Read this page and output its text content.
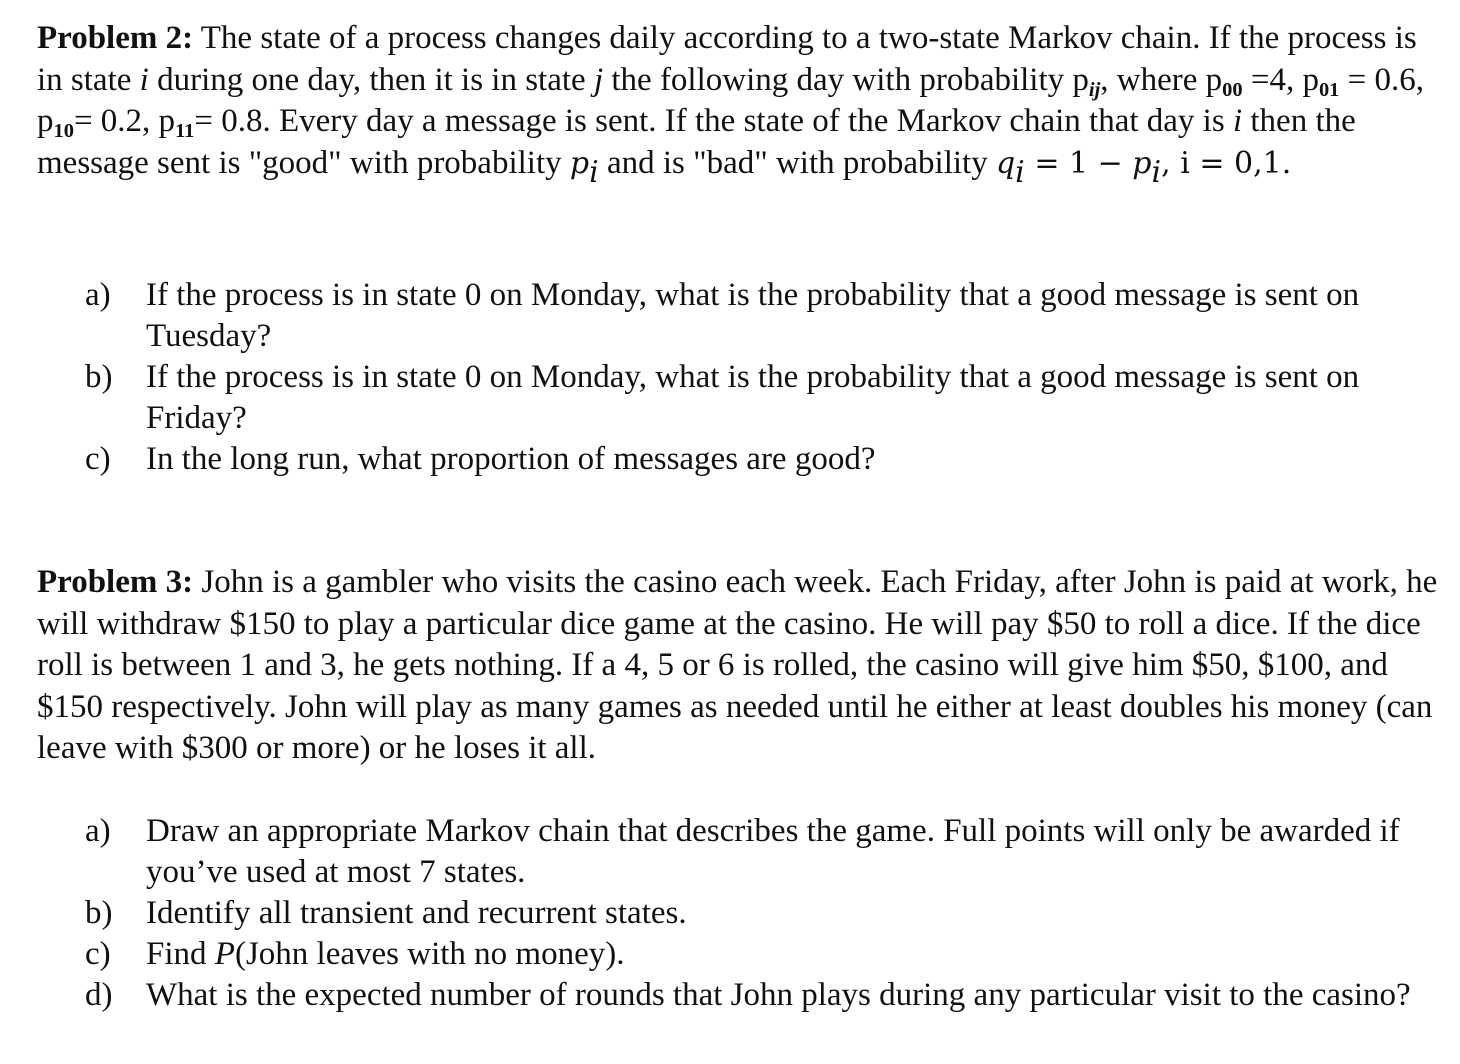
Problem 2: The state of a process changes daily according to a two-state Markov chain. If the process is in state i during one day, then it is in state j the following day with probability $p_{ij}$, where $p_{00} =4$, $p_{01} = 0.6$, $p_{10}= 0.2$, $p_{11}= 0.8$. Every day a message is sent. If the state of the Markov chain that day is i then the message sent is "good" with probability $p_i$ and is "bad" with probability $q_i = 1 - p_i$, i = 0,1.

a) If the process is in state 0 on Monday, what is the probability that a good message is sent on Tuesday?
b) If the process is in state 0 on Monday, what is the probability that a good message is sent on Friday?
c) In the long run, what proportion of messages are good?

Problem 3: John is a gambler who visits the casino each week. Each Friday, after John is paid at work, he will withdraw $150 to play a particular dice game at the casino. He will pay $50 to roll a dice. If the dice roll is between 1 and 3, he gets nothing. If a 4, 5 or 6 is rolled, the casino will give him $50, $100, and $150 respectively. John will play as many games as needed until he either at least doubles his money (can leave with $300 or more) or he loses it all.

a) Draw an appropriate Markov chain that describes the game. Full points will only be awarded if you’ve used at most 7 states.
b) Identify all transient and recurrent states.
c) Find P(John leaves with no money).
d) What is the expected number of rounds that John plays during any particular visit to the casino?
